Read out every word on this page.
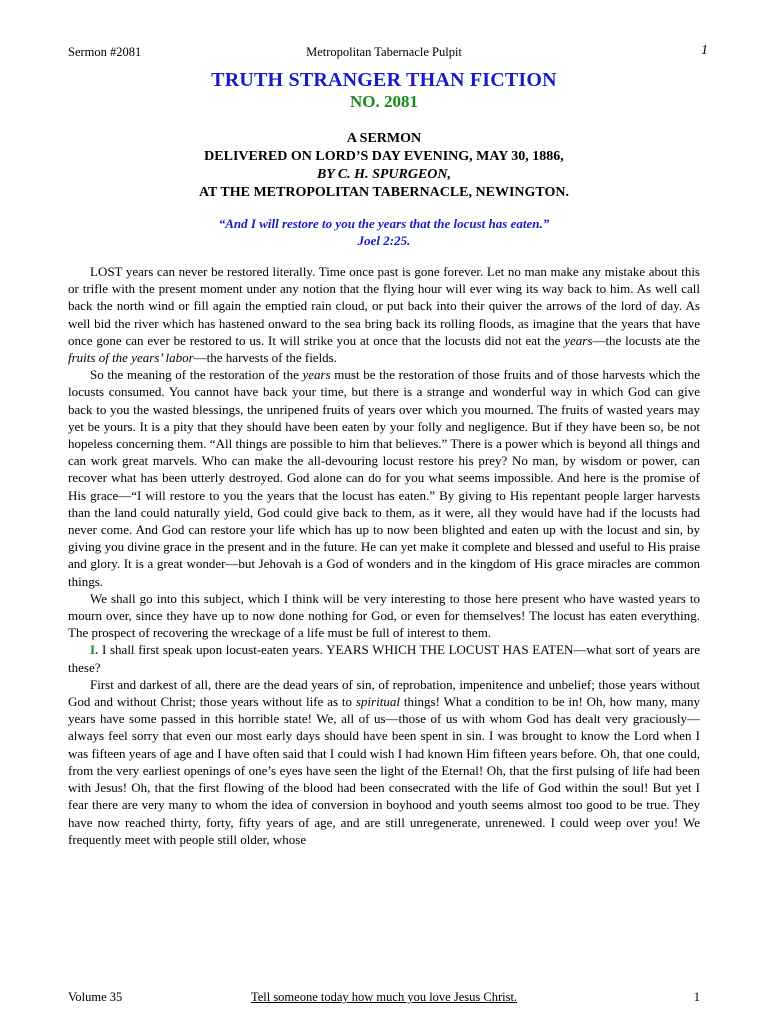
Sermon #2081	Metropolitan Tabernacle Pulpit	1
TRUTH STRANGER THAN FICTION
NO. 2081
A SERMON
DELIVERED ON LORD’S DAY EVENING, MAY 30, 1886,
BY C. H. SPURGEON,
AT THE METROPOLITAN TABERNACLE, NEWINGTON.
“And I will restore to you the years that the locust has eaten.”
Joel 2:25.

LOST years can never be restored literally. Time once past is gone forever. Let no man make any mistake about this or trifle with the present moment under any notion that the flying hour will ever wing its way back to him. As well call back the north wind or fill again the emptied rain cloud, or put back into their quiver the arrows of the lord of day. As well bid the river which has hastened onward to the sea bring back its rolling floods, as imagine that the years that have once gone can ever be restored to us. It will strike you at once that the locusts did not eat the years—the locusts ate the fruits of the years’ labor—the harvests of the fields.

So the meaning of the restoration of the years must be the restoration of those fruits and of those harvests which the locusts consumed. You cannot have back your time, but there is a strange and wonderful way in which God can give back to you the wasted blessings, the unripened fruits of years over which you mourned. The fruits of wasted years may yet be yours. It is a pity that they should have been eaten by your folly and negligence. But if they have been so, be not hopeless concerning them. “All things are possible to him that believes.” There is a power which is beyond all things and can work great marvels. Who can make the all-devouring locust restore his prey? No man, by wisdom or power, can recover what has been utterly destroyed. God alone can do for you what seems impossible. And here is the promise of His grace—“I will restore to you the years that the locust has eaten.” By giving to His repentant people larger harvests than the land could naturally yield, God could give back to them, as it were, all they would have had if the locusts had never come. And God can restore your life which has up to now been blighted and eaten up with the locust and sin, by giving you divine grace in the present and in the future. He can yet make it complete and blessed and useful to His praise and glory. It is a great wonder—but Jehovah is a God of wonders and in the kingdom of His grace miracles are common things.

We shall go into this subject, which I think will be very interesting to those here present who have wasted years to mourn over, since they have up to now done nothing for God, or even for themselves! The locust has eaten everything. The prospect of recovering the wreckage of a life must be full of interest to them.

I. I shall first speak upon locust-eaten years. YEARS WHICH THE LOCUST HAS EATEN—what sort of years are these?

First and darkest of all, there are the dead years of sin, of reprobation, impenitence and unbelief; those years without God and without Christ; those years without life as to spiritual things! What a condition to be in! Oh, how many, many years have some passed in this horrible state! We, all of us—those of us with whom God has dealt very graciously—always feel sorry that even our most early days should have been spent in sin. I was brought to know the Lord when I was fifteen years of age and I have often said that I could wish I had known Him fifteen years before. Oh, that one could, from the very earliest openings of one’s eyes have seen the light of the Eternal! Oh, that the first pulsing of life had been with Jesus! Oh, that the first flowing of the blood had been consecrated with the life of God within the soul! But yet I fear there are very many to whom the idea of conversion in boyhood and youth seems almost too good to be true. They have now reached thirty, forty, fifty years of age, and are still unregenerate, unrenewed. I could weep over you! We frequently meet with people still older, whose

Volume 35	Tell someone today how much you love Jesus Christ.	1
